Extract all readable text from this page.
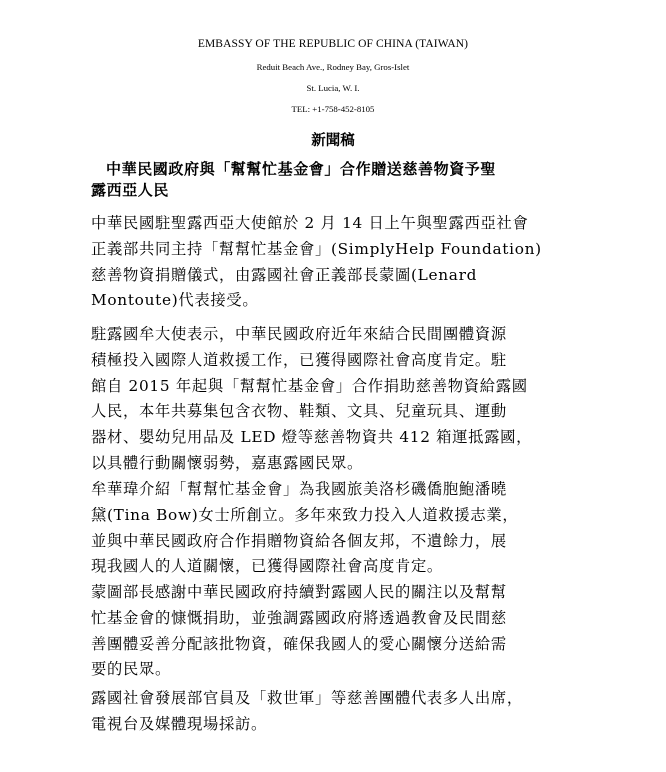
EMBASSY OF THE REPUBLIC OF CHINA (TAIWAN)
Reduit Beach Ave., Rodney Bay, Gros-Islet
St. Lucia, W. I.
TEL: +1-758-452-8105
新聞稿
中華民國政府與「幫幫忙基金會」合作贈送慈善物資予聖
露西亞人民
中華民國駐聖露西亞大使館於 2 月 14 日上午與聖露西亞社會
正義部共同主持「幫幫忙基金會」(SimplyHelp Foundation)
慈善物資捐贈儀式，由露國社會正義部長蒙圖(Lenard
Montoute)代表接受。
駐露國牟大使表示，中華民國政府近年來結合民間團體資源
積極投入國際人道救援工作，已獲得國際社會高度肯定。駐
館自 2015 年起與「幫幫忙基金會」合作捐助慈善物資給露國
人民，本年共募集包含衣物、鞋類、文具、兒童玩具、運動
器材、嬰幼兒用品及 LED 燈等慈善物資共 412 箱運抵露國，
以具體行動關懷弱勢，嘉惠露國民眾。
牟華瑋介紹「幫幫忙基金會」為我國旅美洛杉磯僑胞鮑潘曉
黛(Tina Bow)女士所創立。多年來致力投入人道救援志業，
並與中華民國政府合作捐贈物資給各個友邦，不遺餘力，展
現我國人的人道關懷，已獲得國際社會高度肯定。
蒙圖部長感謝中華民國政府持續對露國人民的關注以及幫幫
忙基金會的慷慨捐助，並強調露國政府將透過教會及民間慈
善團體妥善分配該批物資，確保我國人的愛心關懷分送給需
要的民眾。
露國社會發展部官員及「救世軍」等慈善團體代表多人出席，
電視台及媒體現場採訪。
